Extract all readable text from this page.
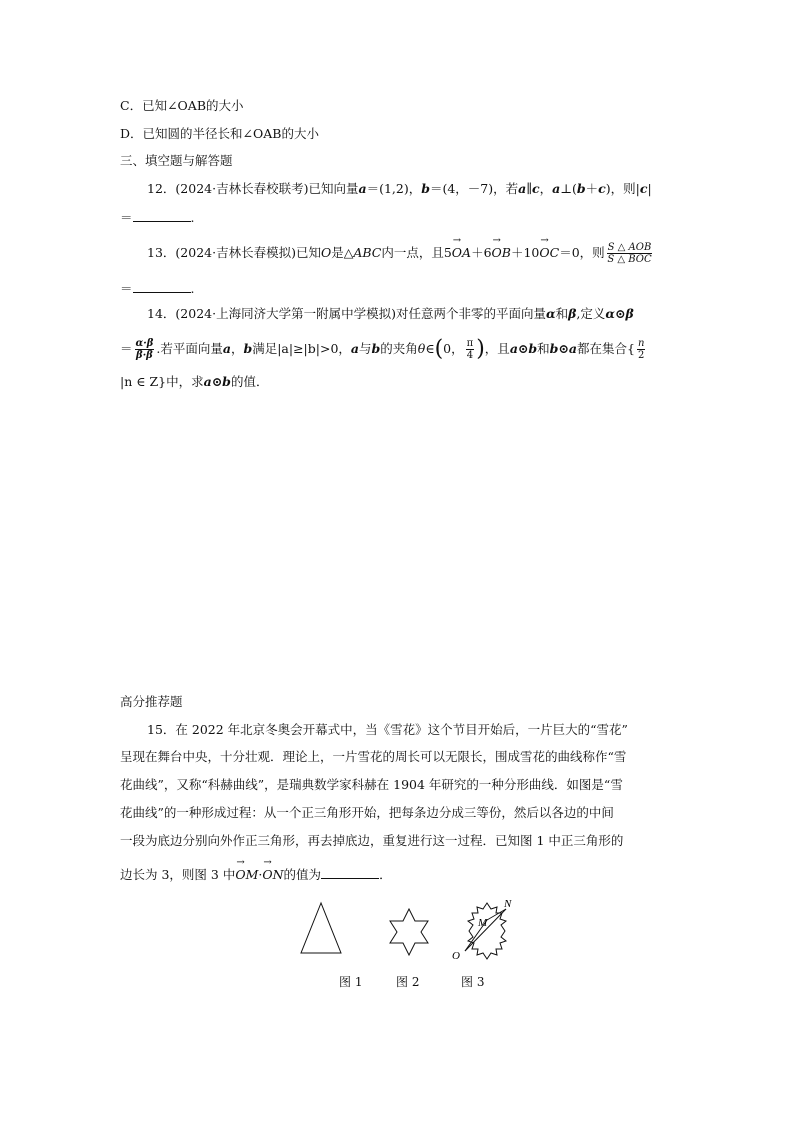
C．已知∠OAB的大小
D．已知圆的半径长和∠OAB的大小
三、填空题与解答题
12．(2024·吉林长春校联考)已知向量a＝(1,2)，b＝(4，－7)，若a∥c，a⊥(b＋c)，则|c|
＝	.
13．(2024·吉林长春模拟)已知O是△ABC内一点，且5→ OA＋6→ OB＋10→ OC＝0，则 $\frac{\text{S △ AOB}}{\text{S △ BOC}}$
＝	.
14．(2024·上海同济大学第一附属中学模拟)对任意两个非零的平面向量α和β,定义α⊙β
＝ $\frac{\alpha\cdot\beta}{\beta\cdot\beta}$ .若平面向量a，b满足|a|≥|b|>0，a与b的夹角θ∈(0， $\frac{\pi}{4}$ )，且a⊙b和b⊙a都在集合{ $\frac{n}{2}$
|n ∈ Z}中，求a⊙b的值．
高分推荐题
15．在 2022 年北京冬奥会开幕式中，当《雪花》这个节目开始后，一片巨大的“雪花”
呈现在舞台中央，十分壮观．理论上，一片雪花的周长可以无限长，围成雪花的曲线称作“雪
花曲线”，又称“科赫曲线”，是瑞典数学家科赫在 1904 年研究的一种分形曲线．如图是“雪
花曲线”的一种形成过程：从一个正三角形开始，把每条边分成三等份，然后以各边的中间
一段为底边分别向外作正三角形，再去掉底边，重复进行这一过程．已知图 1 中正三角形的
边长为 3，则图 3 中→ OM·→ ON的值为	．
O
M
N
图 1	图 2	图 3
